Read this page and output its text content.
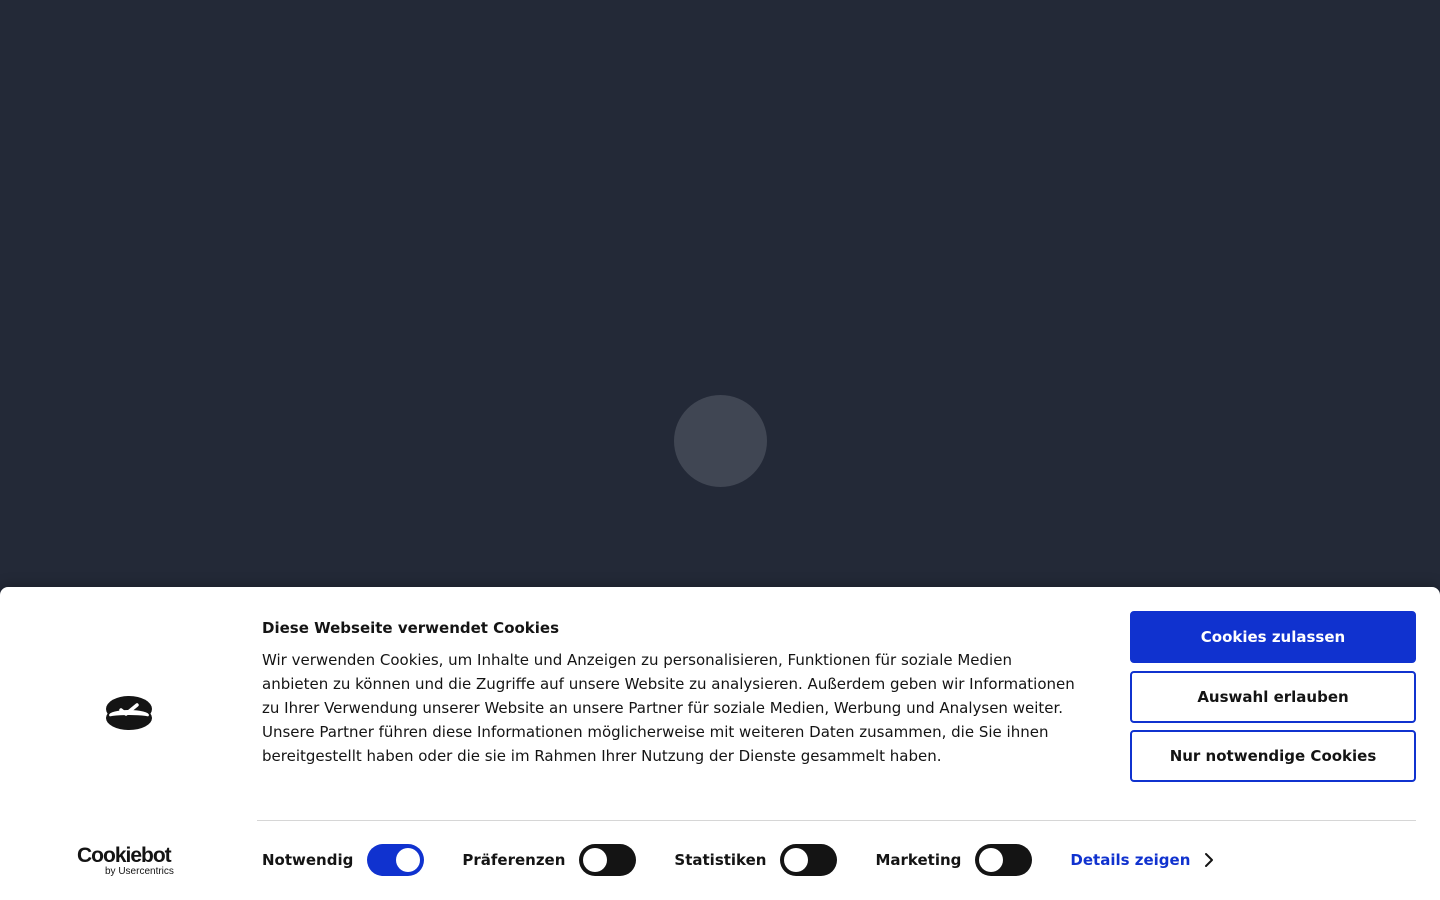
Cookiebot
by Usercentrics
Diese Webseite verwendet Cookies
Wir verwenden Cookies, um Inhalte und Anzeigen zu personalisieren, Funktionen für soziale Medien anbieten zu können und die Zugriffe auf unsere Website zu analysieren. Außerdem geben wir Informationen zu Ihrer Verwendung unserer Website an unsere Partner für soziale Medien, Werbung und Analysen weiter. Unsere Partner führen diese Informationen möglicherweise mit weiteren Daten zusammen, die Sie ihnen bereitgestellt haben oder die sie im Rahmen Ihrer Nutzung der Dienste gesammelt haben.
Cookies zulassen
Auswahl erlauben
Nur notwendige Cookies
Notwendig	Präferenzen	Statistiken	Marketing	Details zeigen
